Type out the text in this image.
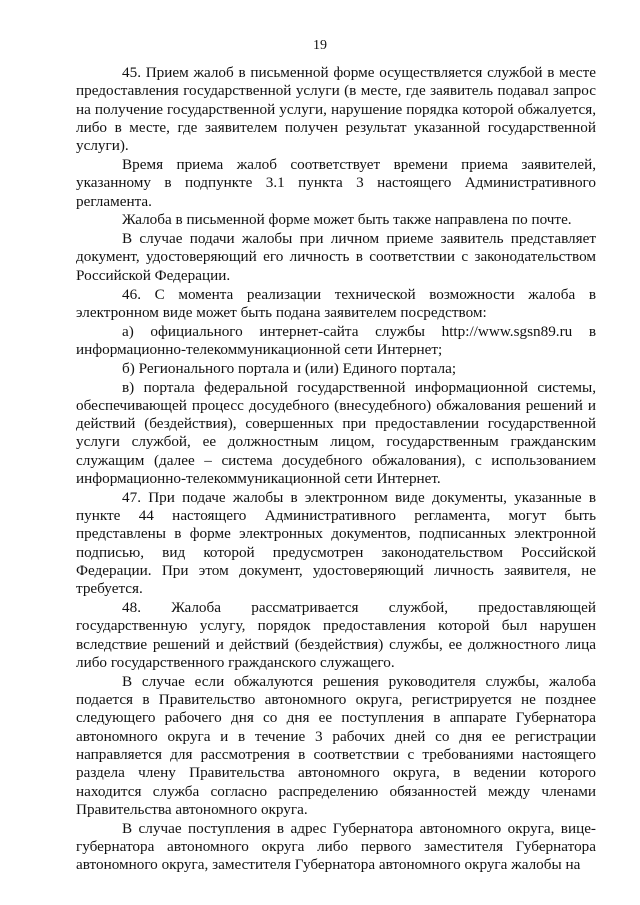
19

45. Прием жалоб в письменной форме осуществляется службой в месте предоставления государственной услуги (в месте, где заявитель подавал запрос на получение государственной услуги, нарушение порядка которой обжалуется, либо в месте, где заявителем получен результат указанной государственной услуги).

Время приема жалоб соответствует времени приема заявителей, указанному в подпункте 3.1 пункта 3 настоящего Административного регламента.

Жалоба в письменной форме может быть также направлена по почте.

В случае подачи жалобы при личном приеме заявитель представляет документ, удостоверяющий его личность в соответствии с законодательством Российской Федерации.

46. С момента реализации технической возможности жалоба в электронном виде может быть подана заявителем посредством:

а) официального интернет-сайта службы http://www.sgsn89.ru в информационно-телекоммуникационной сети Интернет;

б) Регионального портала и (или) Единого портала;

в) портала федеральной государственной информационной системы, обеспечивающей процесс досудебного (внесудебного) обжалования решений и действий (бездействия), совершенных при предоставлении государственной услуги службой, ее должностным лицом, государственным гражданским служащим (далее – система досудебного обжалования), с использованием информационно-телекоммуникационной сети Интернет.

47. При подаче жалобы в электронном виде документы, указанные в пункте 44 настоящего Административного регламента, могут быть представлены в форме электронных документов, подписанных электронной подписью, вид которой предусмотрен законодательством Российской Федерации. При этом документ, удостоверяющий личность заявителя, не требуется.

48. Жалоба рассматривается службой, предоставляющей государственную услугу, порядок предоставления которой был нарушен вследствие решений и действий (бездействия) службы, ее должностного лица либо государственного гражданского служащего.

В случае если обжалуются решения руководителя службы, жалоба подается в Правительство автономного округа, регистрируется не позднее следующего рабочего дня со дня ее поступления в аппарате Губернатора автономного округа и в течение 3 рабочих дней со дня ее регистрации направляется для рассмотрения в соответствии с требованиями настоящего раздела члену Правительства автономного округа, в ведении которого находится служба согласно распределению обязанностей между членами Правительства автономного округа.

В случае поступления в адрес Губернатора автономного округа, вице-губернатора автономного округа либо первого заместителя Губернатора автономного округа, заместителя Губернатора автономного округа жалобы на
